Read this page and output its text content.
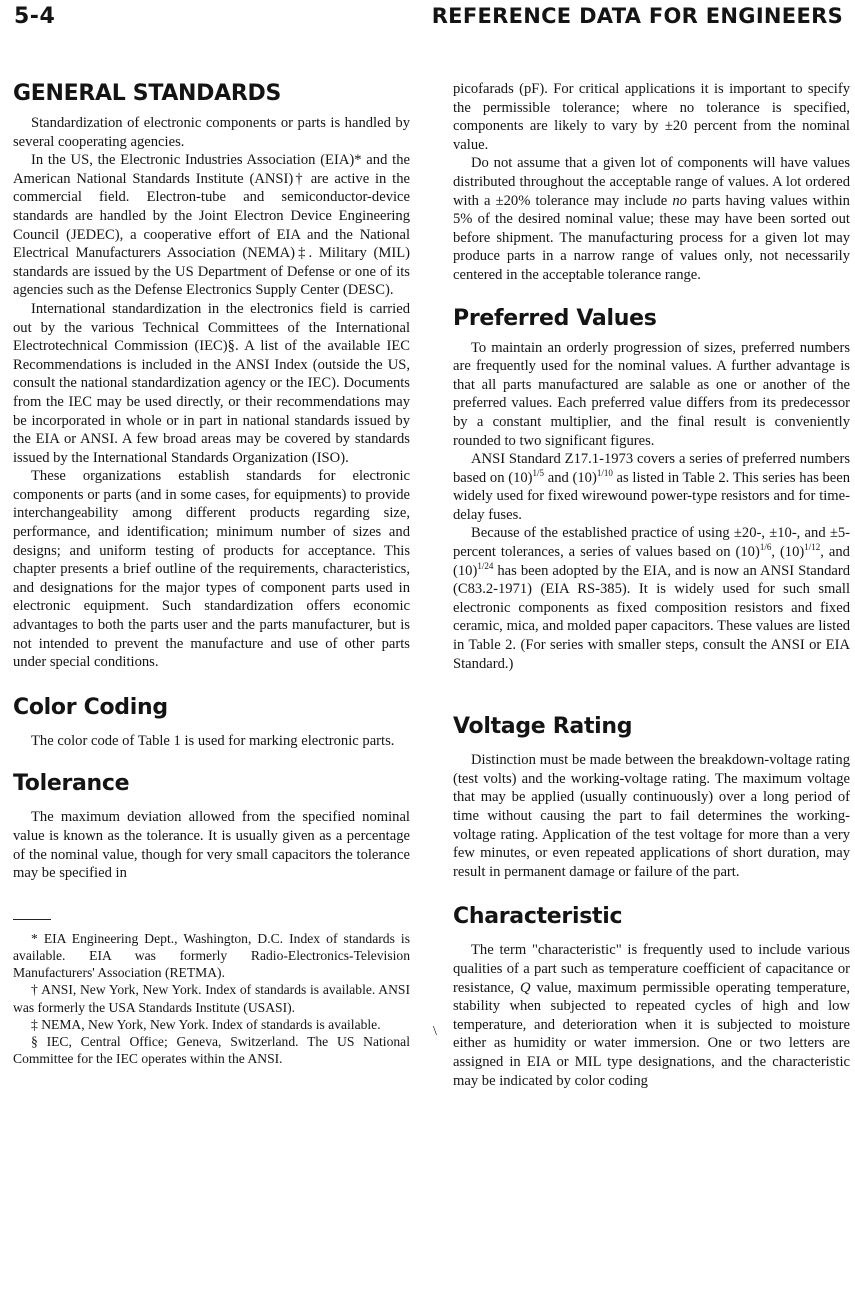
5-4	REFERENCE DATA FOR ENGINEERS
GENERAL STANDARDS

Standardization of electronic components or parts is handled by several cooperating agencies.

In the US, the Electronic Industries Association (EIA)* and the American National Standards Institute (ANSI)† are active in the commercial field. Electron-tube and semiconductor-device standards are handled by the Joint Electron Device Engineering Council (JEDEC), a cooperative effort of EIA and the National Electrical Manufacturers Association (NEMA)‡. Military (MIL) standards are issued by the US Department of Defense or one of its agencies such as the Defense Electronics Supply Center (DESC).

International standardization in the electronics field is carried out by the various Technical Committees of the International Electrotechnical Commission (IEC)§. A list of the available IEC Recommendations is included in the ANSI Index (outside the US, consult the national standardization agency or the IEC). Documents from the IEC may be used directly, or their recommendations may be incorporated in whole or in part in national standards issued by the EIA or ANSI. A few broad areas may be covered by standards issued by the International Standards Organization (ISO).

These organizations establish standards for electronic components or parts (and in some cases, for equipments) to provide interchangeability among different products regarding size, performance, and identification; minimum number of sizes and designs; and uniform testing of products for acceptance. This chapter presents a brief outline of the requirements, characteristics, and designations for the major types of component parts used in electronic equipment. Such standardization offers economic advantages to both the parts user and the parts manufacturer, but is not intended to prevent the manufacture and use of other parts under special conditions.

Color Coding

The color code of Table 1 is used for marking electronic parts.

Tolerance

The maximum deviation allowed from the specified nominal value is known as the tolerance. It is usually given as a percentage of the nominal value, though for very small capacitors the tolerance may be specified in

* EIA Engineering Dept., Washington, D.C. Index of standards is available. EIA was formerly Radio-Electronics-Television Manufacturers' Association (RETMA).

† ANSI, New York, New York. Index of standards is available. ANSI was formerly the USA Standards Institute (USASI).

‡ NEMA, New York, New York. Index of standards is available.

§ IEC, Central Office; Geneva, Switzerland. The US National Committee for the IEC operates within the ANSI.

picofarads (pF). For critical applications it is important to specify the permissible tolerance; where no tolerance is specified, components are likely to vary by ±20 percent from the nominal value.

Do not assume that a given lot of components will have values distributed throughout the acceptable range of values. A lot ordered with a ±20% tolerance may include no parts having values within 5% of the desired nominal value; these may have been sorted out before shipment. The manufacturing process for a given lot may produce parts in a narrow range of values only, not necessarily centered in the acceptable tolerance range.

Preferred Values

To maintain an orderly progression of sizes, preferred numbers are frequently used for the nominal values. A further advantage is that all parts manufactured are salable as one or another of the preferred values. Each preferred value differs from its predecessor by a constant multiplier, and the final result is conveniently rounded to two significant figures.

ANSI Standard Z17.1-1973 covers a series of preferred numbers based on $(10)^{1/5}$ and $(10)^{1/10}$ as listed in Table 2. This series has been widely used for fixed wirewound power-type resistors and for time-delay fuses.

Because of the established practice of using ±20-, ±10-, and ±5-percent tolerances, a series of values based on $(10)^{1/6}$, $(10)^{1/12}$, and $(10)^{1/24}$ has been adopted by the EIA, and is now an ANSI Standard (C83.2-1971) (EIA RS-385). It is widely used for such small electronic components as fixed composition resistors and fixed ceramic, mica, and molded paper capacitors. These values are listed in Table 2. (For series with smaller steps, consult the ANSI or EIA Standard.)

Voltage Rating

Distinction must be made between the breakdown-voltage rating (test volts) and the working-voltage rating. The maximum voltage that may be applied (usually continuously) over a long period of time without causing the part to fail determines the working-voltage rating. Application of the test voltage for more than a very few minutes, or even repeated applications of short duration, may result in permanent damage or failure of the part.

Characteristic

The term "characteristic" is frequently used to include various qualities of a part such as temperature coefficient of capacitance or resistance, Q value, maximum permissible operating temperature, stability when subjected to repeated cycles of high and low temperature, and deterioration when it is subjected to moisture either as humidity or water immersion. One or two letters are assigned in EIA or MIL type designations, and the characteristic may be indicated by color coding

\
